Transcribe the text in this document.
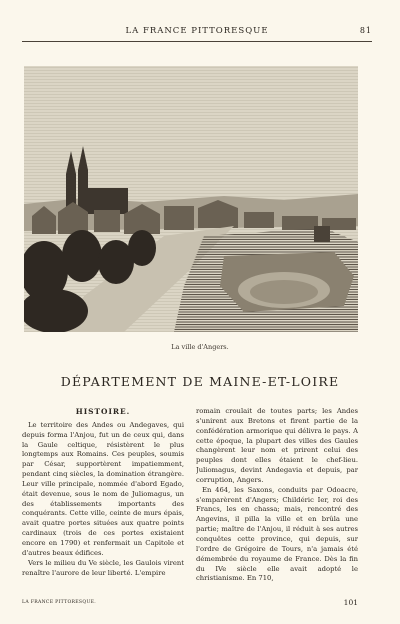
LA FRANCE PITTORESQUE	81
La ville d'Angers.
DÉPARTEMENT DE MAINE-ET-LOIRE
HISTOIRE.

Le territoire des Andes ou Andegaves, qui depuis forma l'Anjou, fut un de ceux qui, dans la Gaule celtique, résistèrent le plus longtemps aux Romains. Ces peuples, soumis par César, supportèrent impatiemment, pendant cinq siècles, la domination étrangère. Leur ville principale, nommée d'abord Egado, était devenue, sous le nom de Juliomagus, un des établissements importants des conquérants. Cette ville, ceinte de murs épais, avait quatre portes situées aux quatre points cardinaux (trois de ces portes existaient encore en 1790) et renfermait un Capitole et d'autres beaux édifices.

Vers le milieu du Ve siècle, les Gaulois virent renaître l'aurore de leur liberté. L'empire

romain croulait de toutes parts; les Andes s'unirent aux Bretons et firent partie de la confédération armorique qui délivra le pays. A cette époque, la plupart des villes des Gaules changèrent leur nom et prirent celui des peuples dont elles étaient le chef-lieu. Juliomagus, devint Andegavia et depuis, par corruption, Angers.

En 464, les Saxons, conduits par Odoacre, s'emparèrent d'Angers; Childéric Ier, roi des Francs, les en chassa; mais, rencontré des Angevins, il pilla la ville et en brûla une partie; maître de l'Anjou, il réduit à ses autres conquêtes cette province, qui depuis, sur l'ordre de Grégoire de Tours, n'a jamais été démembrée du royaume de France. Dès la fin du IVe siècle elle avait adopté le christianisme. En 710,

LA FRANCE PITTORESQUE.	101
